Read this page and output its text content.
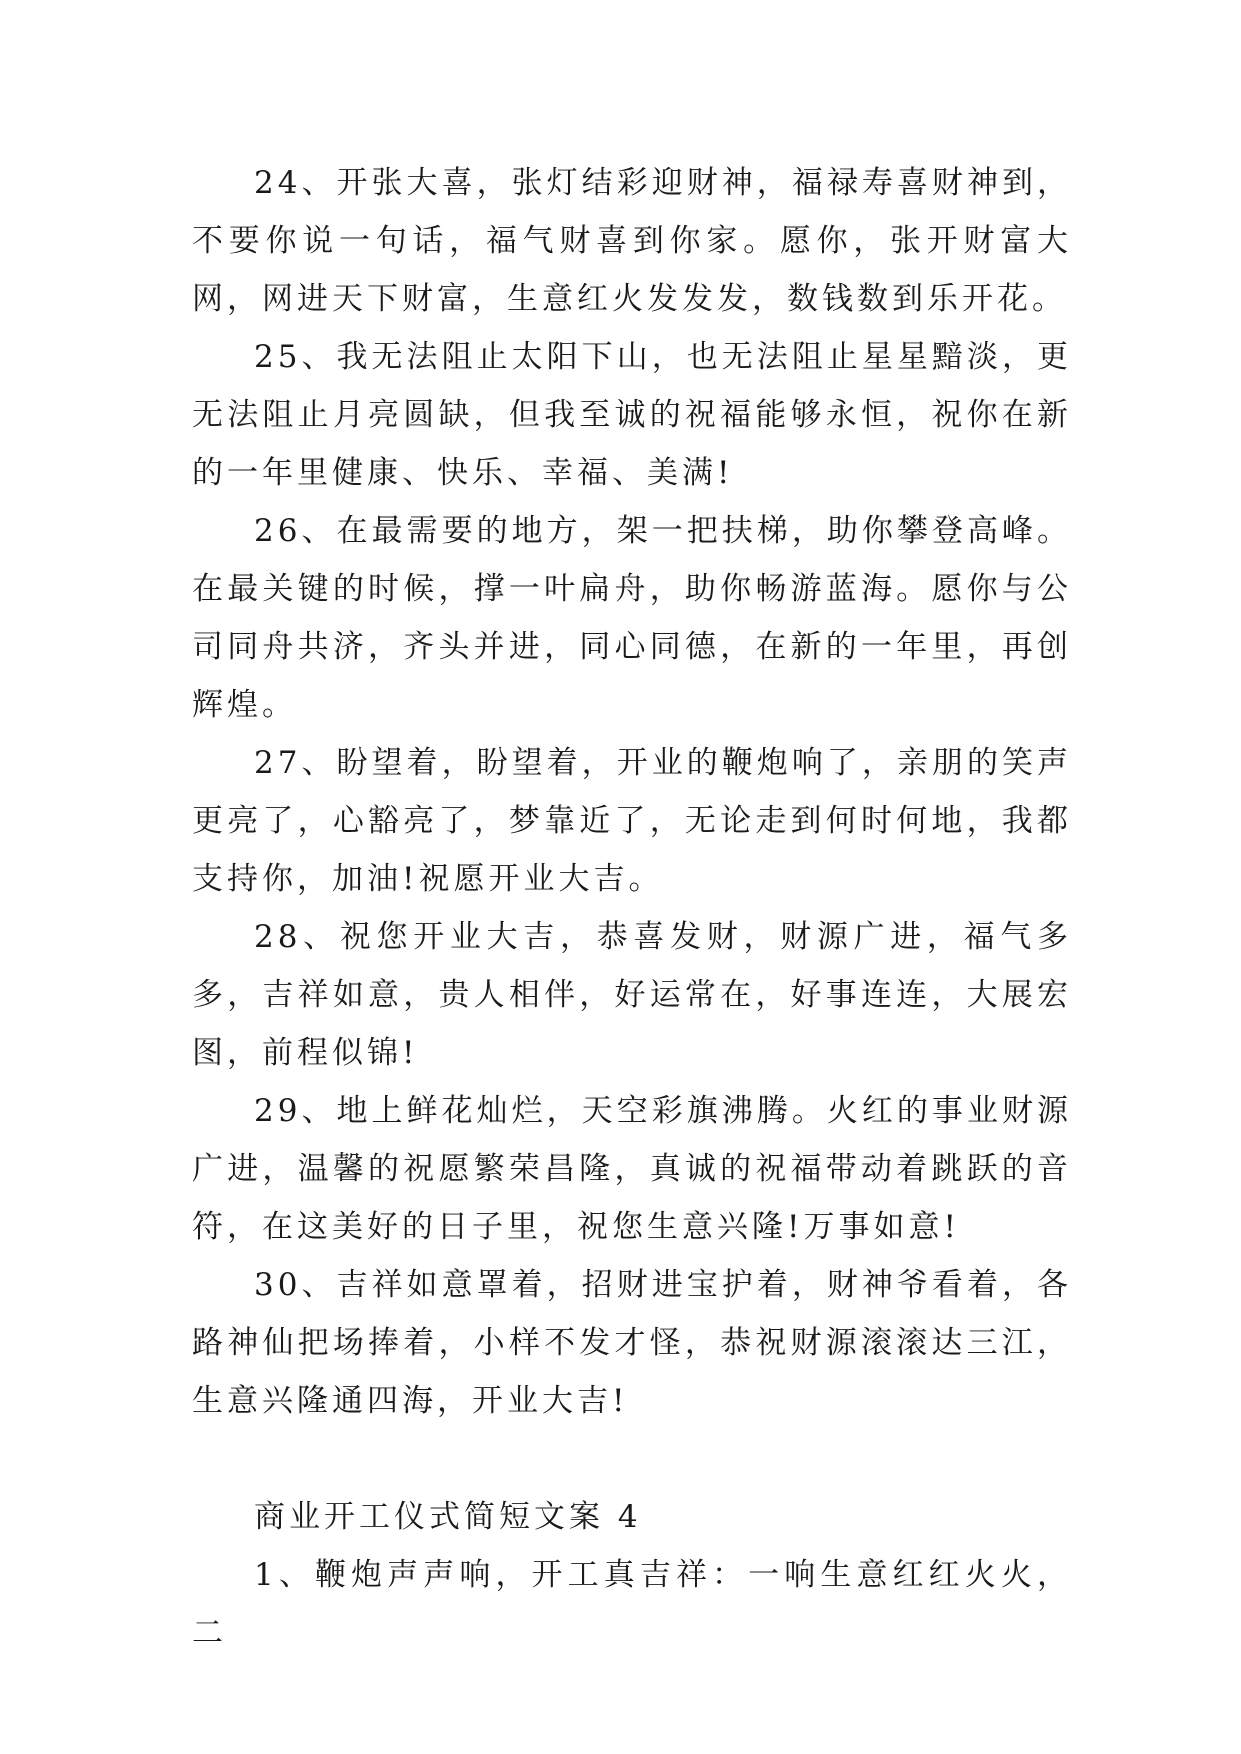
24、开张大喜，张灯结彩迎财神，福禄寿喜财神到，不要你说一句话，福气财喜到你家。愿你，张开财富大网，网进天下财富，生意红火发发发，数钱数到乐开花。

25、我无法阻止太阳下山，也无法阻止星星黯淡，更无法阻止月亮圆缺，但我至诚的祝福能够永恒，祝你在新的一年里健康、快乐、幸福、美满!

26、在最需要的地方，架一把扶梯，助你攀登高峰。在最关键的时候，撑一叶扁舟，助你畅游蓝海。愿你与公司同舟共济，齐头并进，同心同德，在新的一年里，再创辉煌。

27、盼望着，盼望着，开业的鞭炮响了，亲朋的笑声更亮了，心豁亮了，梦靠近了，无论走到何时何地，我都支持你，加油!祝愿开业大吉。

28、祝您开业大吉，恭喜发财，财源广进，福气多多，吉祥如意，贵人相伴，好运常在，好事连连，大展宏图，前程似锦!

29、地上鲜花灿烂，天空彩旗沸腾。火红的事业财源广进，温馨的祝愿繁荣昌隆，真诚的祝福带动着跳跃的音符，在这美好的日子里，祝您生意兴隆!万事如意!

30、吉祥如意罩着，招财进宝护着，财神爷看着，各路神仙把场捧着，小样不发才怪，恭祝财源滚滚达三江，生意兴隆通四海，开业大吉!

商业开工仪式简短文案 4

1、鞭炮声声响，开工真吉祥：一响生意红红火火，二
